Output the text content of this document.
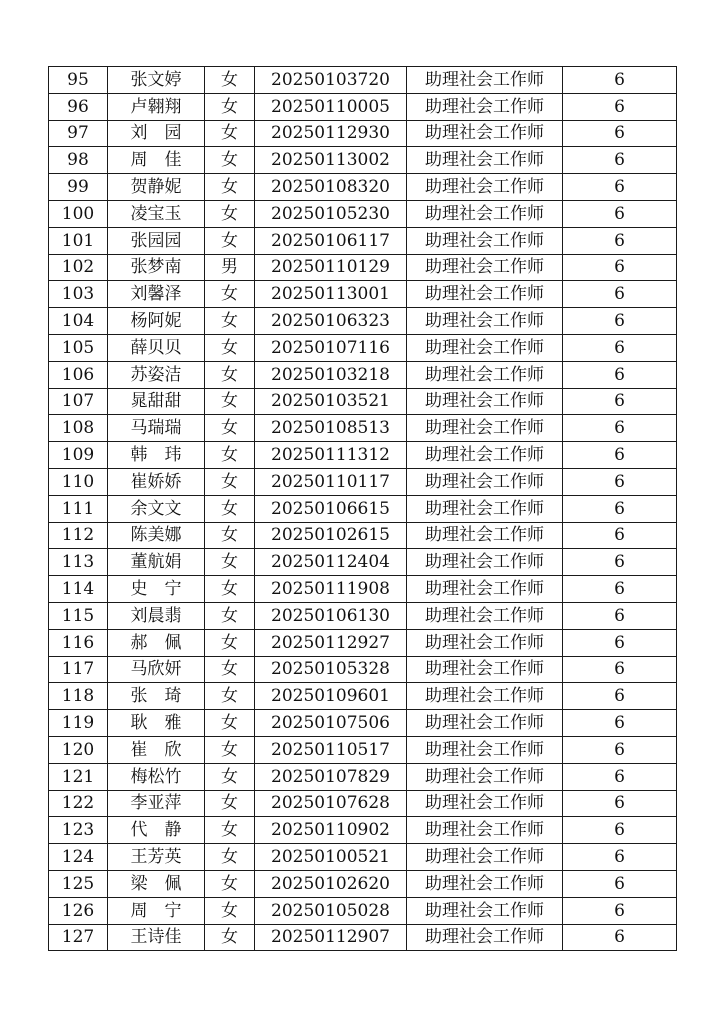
95	张文婷	女	20250103720	助理社会工作师	6
96	卢翱翔	女	20250110005	助理社会工作师	6
97	刘　园	女	20250112930	助理社会工作师	6
98	周　佳	女	20250113002	助理社会工作师	6
99	贺静妮	女	20250108320	助理社会工作师	6
100	凌宝玉	女	20250105230	助理社会工作师	6
101	张园园	女	20250106117	助理社会工作师	6
102	张梦南	男	20250110129	助理社会工作师	6
103	刘馨泽	女	20250113001	助理社会工作师	6
104	杨阿妮	女	20250106323	助理社会工作师	6
105	薛贝贝	女	20250107116	助理社会工作师	6
106	苏姿洁	女	20250103218	助理社会工作师	6
107	晁甜甜	女	20250103521	助理社会工作师	6
108	马瑞瑞	女	20250108513	助理社会工作师	6
109	韩　玮	女	20250111312	助理社会工作师	6
110	崔娇娇	女	20250110117	助理社会工作师	6
111	余文文	女	20250106615	助理社会工作师	6
112	陈美娜	女	20250102615	助理社会工作师	6
113	董航娟	女	20250112404	助理社会工作师	6
114	史　宁	女	20250111908	助理社会工作师	6
115	刘晨翡	女	20250106130	助理社会工作师	6
116	郝　佩	女	20250112927	助理社会工作师	6
117	马欣妍	女	20250105328	助理社会工作师	6
118	张　琦	女	20250109601	助理社会工作师	6
119	耿　雅	女	20250107506	助理社会工作师	6
120	崔　欣	女	20250110517	助理社会工作师	6
121	梅松竹	女	20250107829	助理社会工作师	6
122	李亚萍	女	20250107628	助理社会工作师	6
123	代　静	女	20250110902	助理社会工作师	6
124	王芳英	女	20250100521	助理社会工作师	6
125	梁　佩	女	20250102620	助理社会工作师	6
126	周　宁	女	20250105028	助理社会工作师	6
127	王诗佳	女	20250112907	助理社会工作师	6
